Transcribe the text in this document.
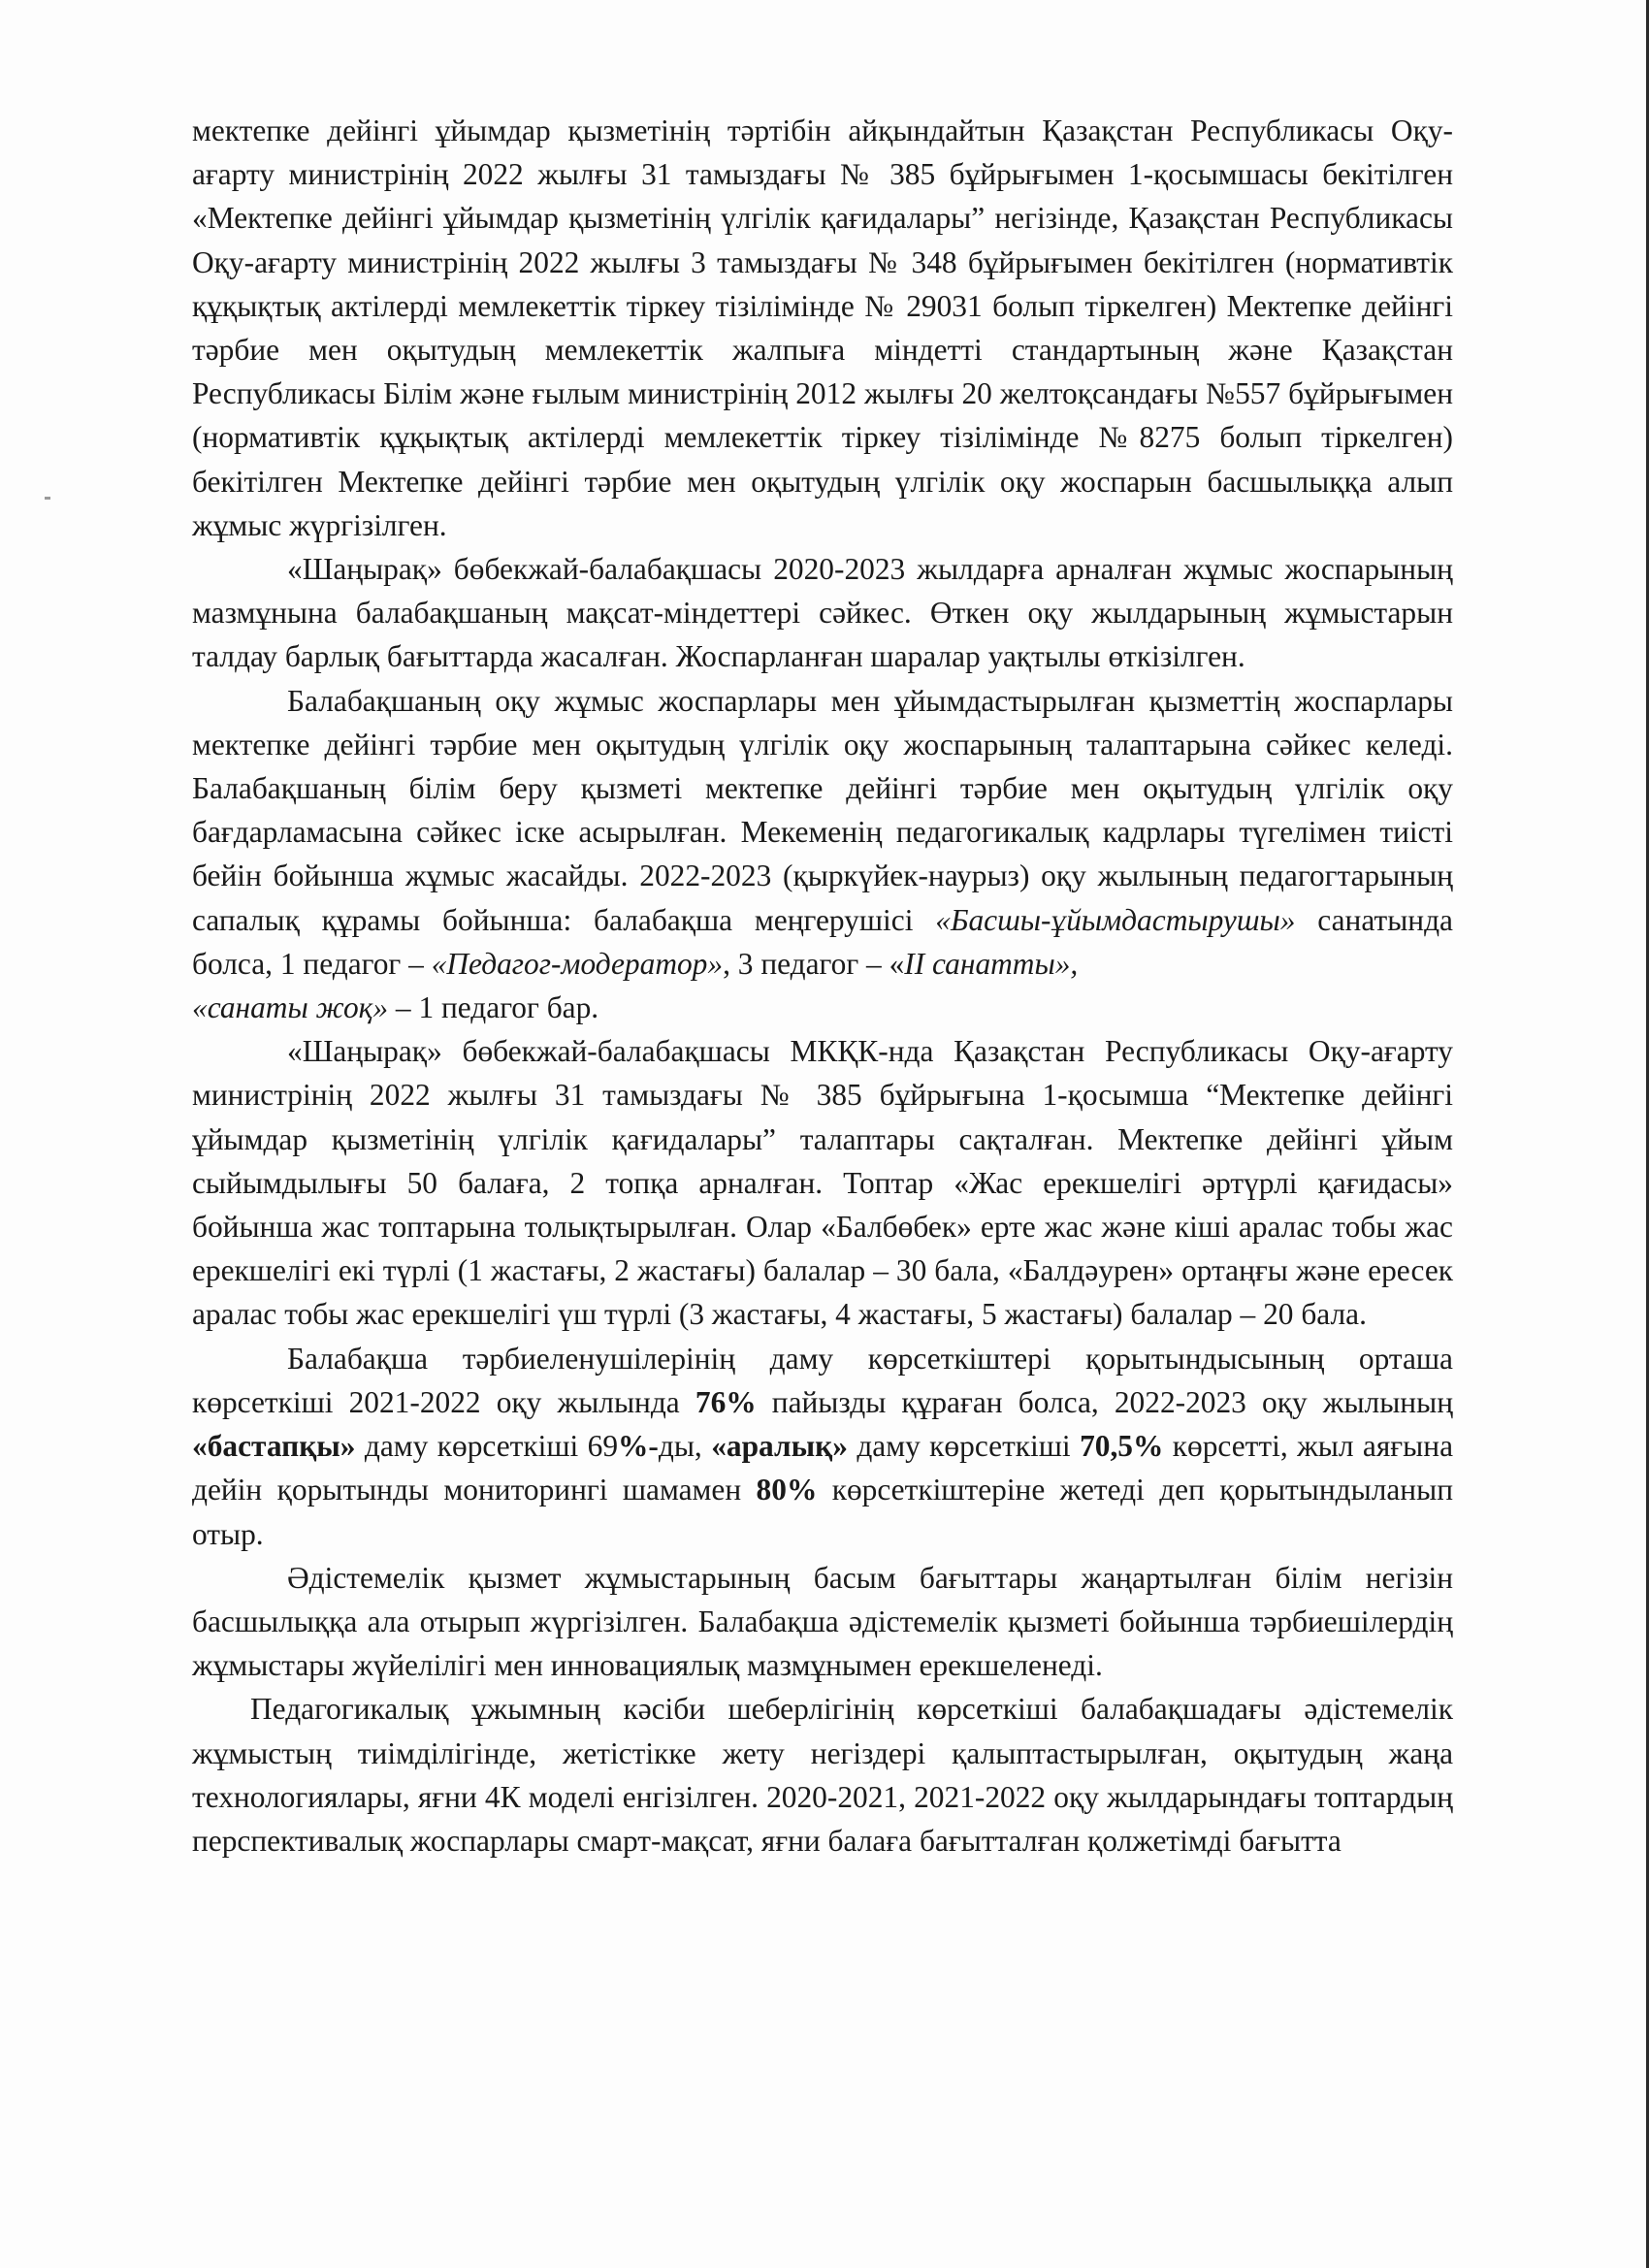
мектепке дейінгі ұйымдар қызметінің тәртібін айқындайтын Қазақстан Республикасы Оқу-ағарту министрінің 2022 жылғы 31 тамыздағы № 385 бұйрығымен 1-қосымшасы бекітілген «Мектепке дейінгі ұйымдар қызметінің үлгілік қағидалары” негізінде, Қазақстан Республикасы Оқу-ағарту министрінің 2022 жылғы 3 тамыздағы № 348 бұйрығымен бекітілген (нормативтік құқықтық актілерді мемлекеттік тіркеу тізілімінде № 29031 болып тіркелген) Мектепке дейінгі тәрбие мен оқытудың мемлекеттік жалпыға міндетті стандартының және Қазақстан Республикасы Білім және ғылым министрінің 2012 жылғы 20 желтоқсандағы №557 бұйрығымен (нормативтік құқықтық актілерді мемлекеттік тіркеу тізілімінде №8275 болып тіркелген) бекітілген Мектепке дейінгі тәрбие мен оқытудың үлгілік оқу жоспарын басшылыққа алып жұмыс жүргізілген.

«Шаңырақ» бөбекжай-балабақшасы 2020-2023 жылдарға арналған жұмыс жоспарының мазмұнына балабақшаның мақсат-міндеттері сәйкес. Өткен оқу жылдарының жұмыстарын талдау барлық бағыттарда жасалған. Жоспарланған шаралар уақтылы өткізілген.

Балабақшаның оқу жұмыс жоспарлары мен ұйымдастырылған қызметтің жоспарлары мектепке дейінгі тәрбие мен оқытудың үлгілік оқу жоспарының талаптарына сәйкес келеді. Балабақшаның білім беру қызметі мектепке дейінгі тәрбие мен оқытудың үлгілік оқу бағдарламасына сәйкес іске асырылған. Мекеменің педагогикалық кадрлары түгелімен тиісті бейін бойынша жұмыс жасайды. 2022-2023 (қыркүйек-наурыз) оқу жылының педагогтарының сапалық құрамы бойынша: балабақша меңгерушісі «Басшы-ұйымдастырушы» санатында болса, 1 педагог – «Педагог-модератор», 3 педагог – «ІІ санатты»,
«санаты жоқ» – 1 педагог бар.

«Шаңырақ» бөбекжай-балабақшасы МКҚК-нда Қазақстан Республикасы Оқу-ағарту министрінің 2022 жылғы 31 тамыздағы № 385 бұйрығына 1-қосымша “Мектепке дейінгі ұйымдар қызметінің үлгілік қағидалары” талаптары сақталған. Мектепке дейінгі ұйым сыйымдылығы 50 балаға, 2 топқа арналған. Топтар «Жас ерекшелігі әртүрлі қағидасы» бойынша жас топтарына толықтырылған. Олар «Балбөбек» ерте жас және кіші аралас тобы жас ерекшелігі екі түрлі (1 жастағы, 2 жастағы) балалар – 30 бала, «Балдәурен» ортаңғы және ересек аралас тобы жас ерекшелігі үш түрлі (3 жастағы, 4 жастағы, 5 жастағы) балалар – 20 бала.

Балабақша тәрбиеленушілерінің даму көрсеткіштері қорытындысының орташа көрсеткіші 2021-2022 оқу жылында 76% пайызды құраған болса, 2022-2023 оқу жылының «бастапқы» даму көрсеткіші 69%-ды, «аралық» даму көрсеткіші 70,5% көрсетті, жыл аяғына дейін қорытынды мониторингі шамамен 80% көрсеткіштеріне жетеді деп қорытындыланып отыр.

Әдістемелік қызмет жұмыстарының басым бағыттары жаңартылған білім негізін басшылыққа ала отырып жүргізілген. Балабақша әдістемелік қызметі бойынша тәрбиешілердің жұмыстары жүйелілігі мен инновациялық мазмұнымен ерекшеленеді.

Педагогикалық ұжымның кәсіби шеберлігінің көрсеткіші балабақшадағы әдістемелік жұмыстың тиімділігінде, жетістікке жету негіздері қалыптастырылған, оқытудың жаңа технологиялары, яғни 4К моделі енгізілген. 2020-2021, 2021-2022 оқу жылдарындағы топтардың перспективалық жоспарлары смарт-мақсат, яғни балаға бағытталған қолжетімді бағытта
